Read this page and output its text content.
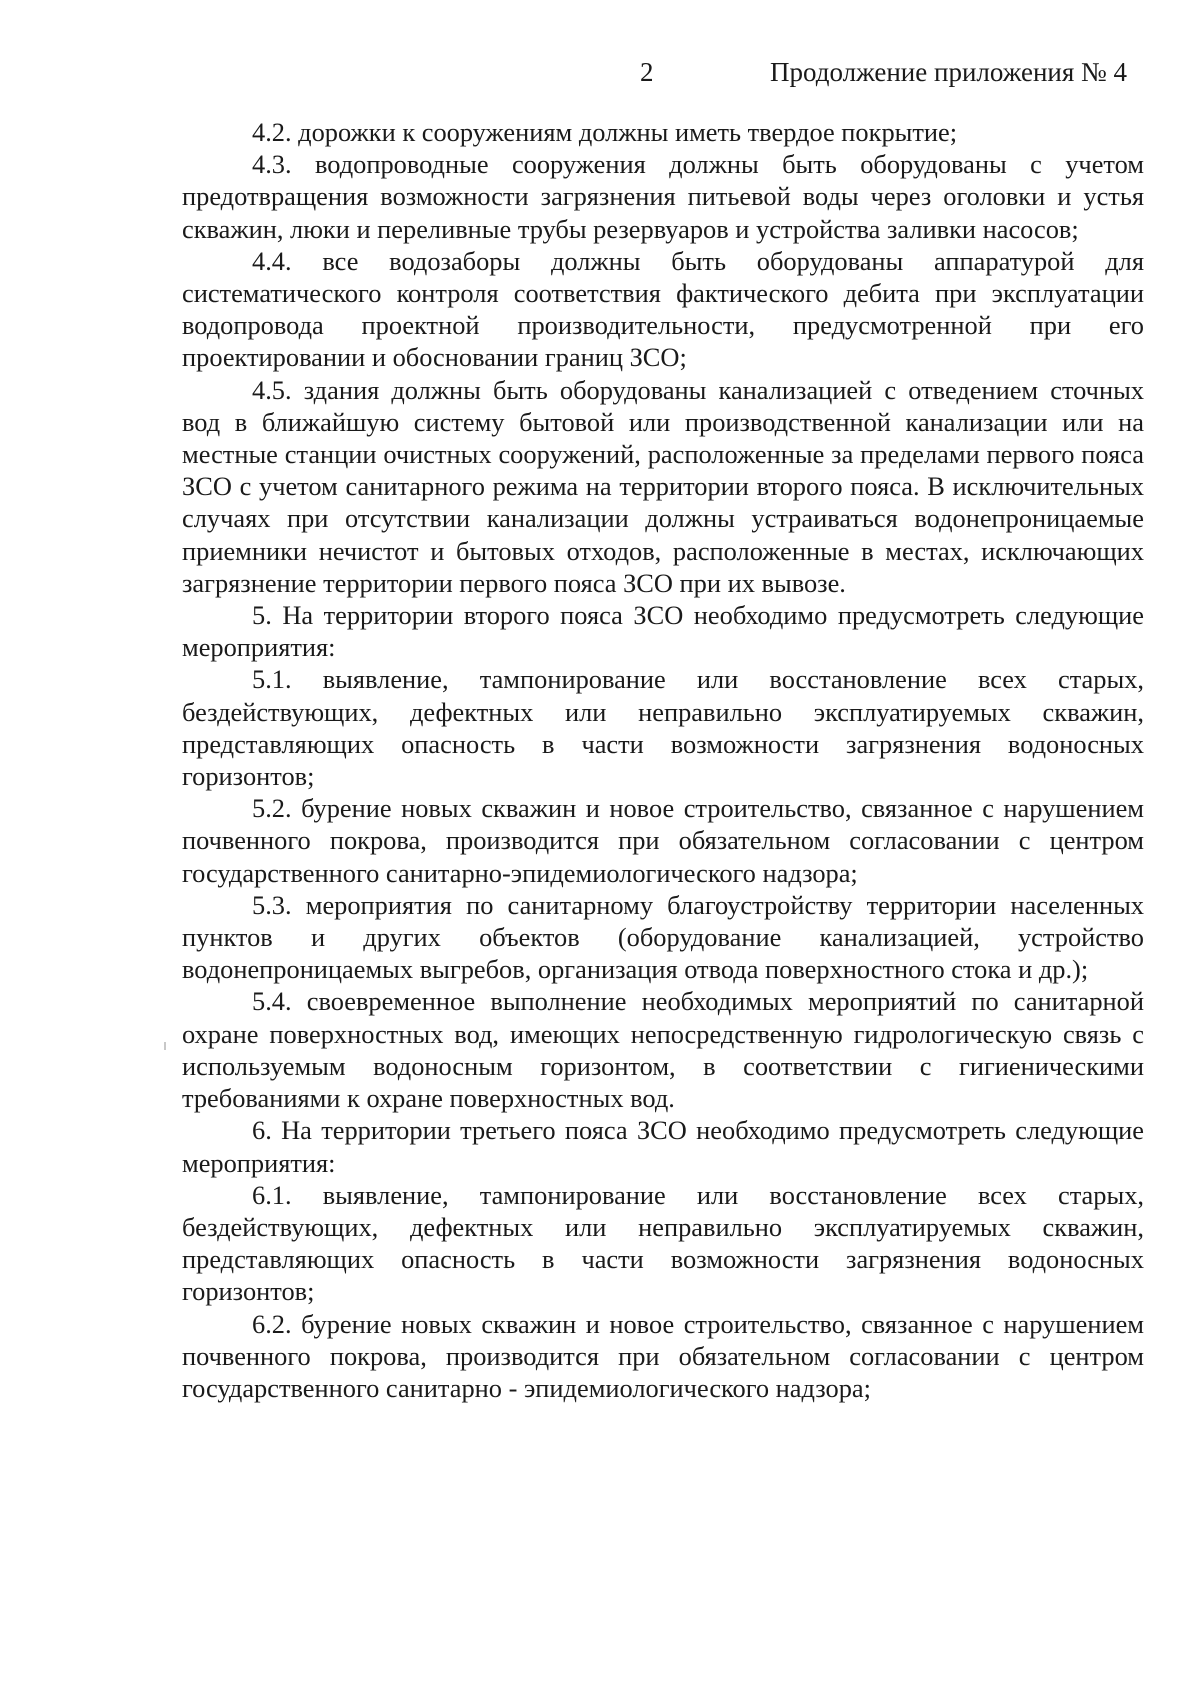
2	Продолжение приложения № 4

4.2. дорожки к сооружениям должны иметь твердое покрытие;

4.3. водопроводные сооружения должны быть оборудованы с учетом предотвращения возможности загрязнения питьевой воды через оголовки и устья скважин, люки и переливные трубы резервуаров и устройства заливки насосов;

4.4. все водозаборы должны быть оборудованы аппаратурой для систематического контроля соответствия фактического дебита при эксплуатации водопровода проектной производительности, предусмотренной при его проектировании и обосновании границ ЗСО;

4.5. здания должны быть оборудованы канализацией с отведением сточных вод в ближайшую систему бытовой или производственной канализации или на местные станции очистных сооружений, расположенные за пределами первого пояса ЗСО с учетом санитарного режима на территории второго пояса. В исключительных случаях при отсутствии канализации должны устраиваться водонепроницаемые приемники нечистот и бытовых отходов, расположенные в местах, исключающих загрязнение территории первого пояса ЗСО при их вывозе.

5. На территории второго пояса ЗСО необходимо предусмотреть следующие мероприятия:

5.1. выявление, тампонирование или восстановление всех старых, бездействующих, дефектных или неправильно эксплуатируемых скважин, представляющих опасность в части возможности загрязнения водоносных горизонтов;

5.2. бурение новых скважин и новое строительство, связанное с нарушением почвенного покрова, производится при обязательном согласовании с центром государственного санитарно-эпидемиологического надзора;

5.3. мероприятия по санитарному благоустройству территории населенных пунктов и других объектов (оборудование канализацией, устройство водонепроницаемых выгребов, организация отвода поверхностного стока и др.);

5.4. своевременное выполнение необходимых мероприятий по санитарной охране поверхностных вод, имеющих непосредственную гидрологическую связь с используемым водоносным горизонтом, в соответствии с гигиеническими требованиями к охране поверхностных вод.

6. На территории третьего пояса ЗСО необходимо предусмотреть следующие мероприятия:

6.1. выявление, тампонирование или восстановление всех старых, бездействующих, дефектных или неправильно эксплуатируемых скважин, представляющих опасность в части возможности загрязнения водоносных горизонтов;

6.2. бурение новых скважин и новое строительство, связанное с нарушением почвенного покрова, производится при обязательном согласовании с центром государственного санитарно - эпидемиологического надзора;
